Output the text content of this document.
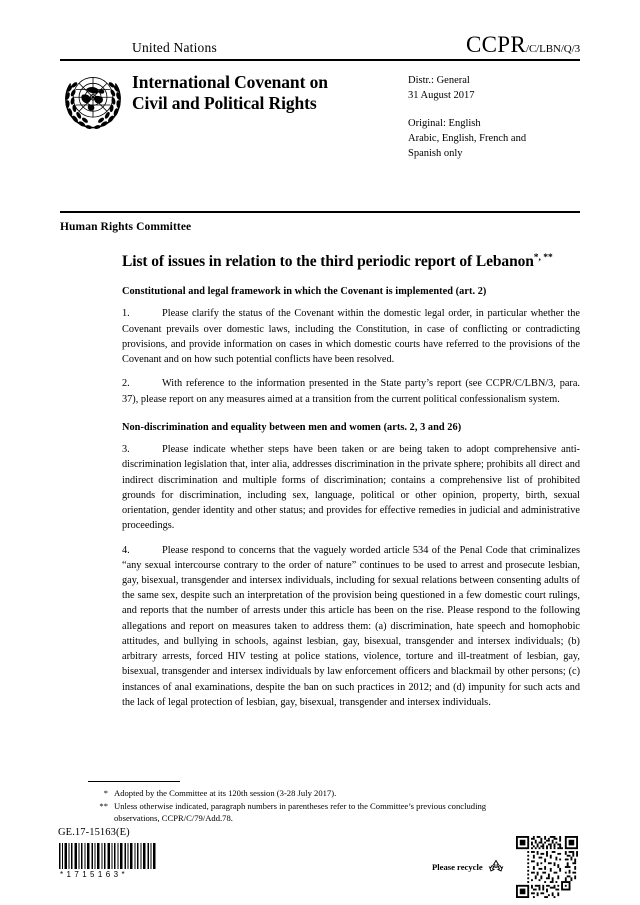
United Nations	CCPR /C/LBN/Q/3
International Covenant on
Civil and Political Rights
Distr.: General
31 August 2017
Original: English
Arabic, English, French and
Spanish only
Human Rights Committee
List of issues in relation to the third periodic report of Lebanon*, **
Constitutional and legal framework in which the Covenant is implemented (art. 2)

1.	Please clarify the status of the Covenant within the domestic legal order, in particular whether the Covenant prevails over domestic laws, including the Constitution, in case of conflicting or contradicting provisions, and provide information on cases in which domestic courts have referred to the provisions of the Covenant and on how such potential conflicts have been resolved.

2.	With reference to the information presented in the State party’s report (see CCPR/C/LBN/3, para. 37), please report on any measures aimed at a transition from the current political confessionalism system.

Non-discrimination and equality between men and women (arts. 2, 3 and 26)

3.	Please indicate whether steps have been taken or are being taken to adopt comprehensive anti-discrimination legislation that, inter alia, addresses discrimination in the private sphere; prohibits all direct and indirect discrimination and multiple forms of discrimination; contains a comprehensive list of prohibited grounds for discrimination, including sex, language, political or other opinion, property, birth, sexual orientation, gender identity and other status; and provides for effective remedies in judicial and administrative proceedings.

4.	Please respond to concerns that the vaguely worded article 534 of the Penal Code that criminalizes “any sexual intercourse contrary to the order of nature” continues to be used to arrest and prosecute lesbian, gay, bisexual, transgender and intersex individuals, including for sexual relations between consenting adults of the same sex, despite such an interpretation of the provision being questioned in a few domestic court rulings, and reports that the number of arrests under this article has been on the rise. Please respond to the following allegations and report on measures taken to address them: (a) discrimination, hate speech and homophobic attitudes, and bullying in schools, against lesbian, gay, bisexual, transgender and intersex individuals; (b) arbitrary arrests, forced HIV testing at police stations, violence, torture and ill-treatment of lesbian, gay, bisexual, transgender and intersex individuals by law enforcement officers and blackmail by other persons; (c) instances of anal examinations, despite the ban on such practices in 2012; and (d) impunity for such acts and the lack of legal protection of lesbian, gay, bisexual, transgender and intersex individuals.

* Adopted by the Committee at its 120th session (3-28 July 2017).
** Unless otherwise indicated, paragraph numbers in parentheses refer to the Committee’s previous concluding observations, CCPR/C/79/Add.78.
GE.17-15163(E)
*1715163*
Please recycle
